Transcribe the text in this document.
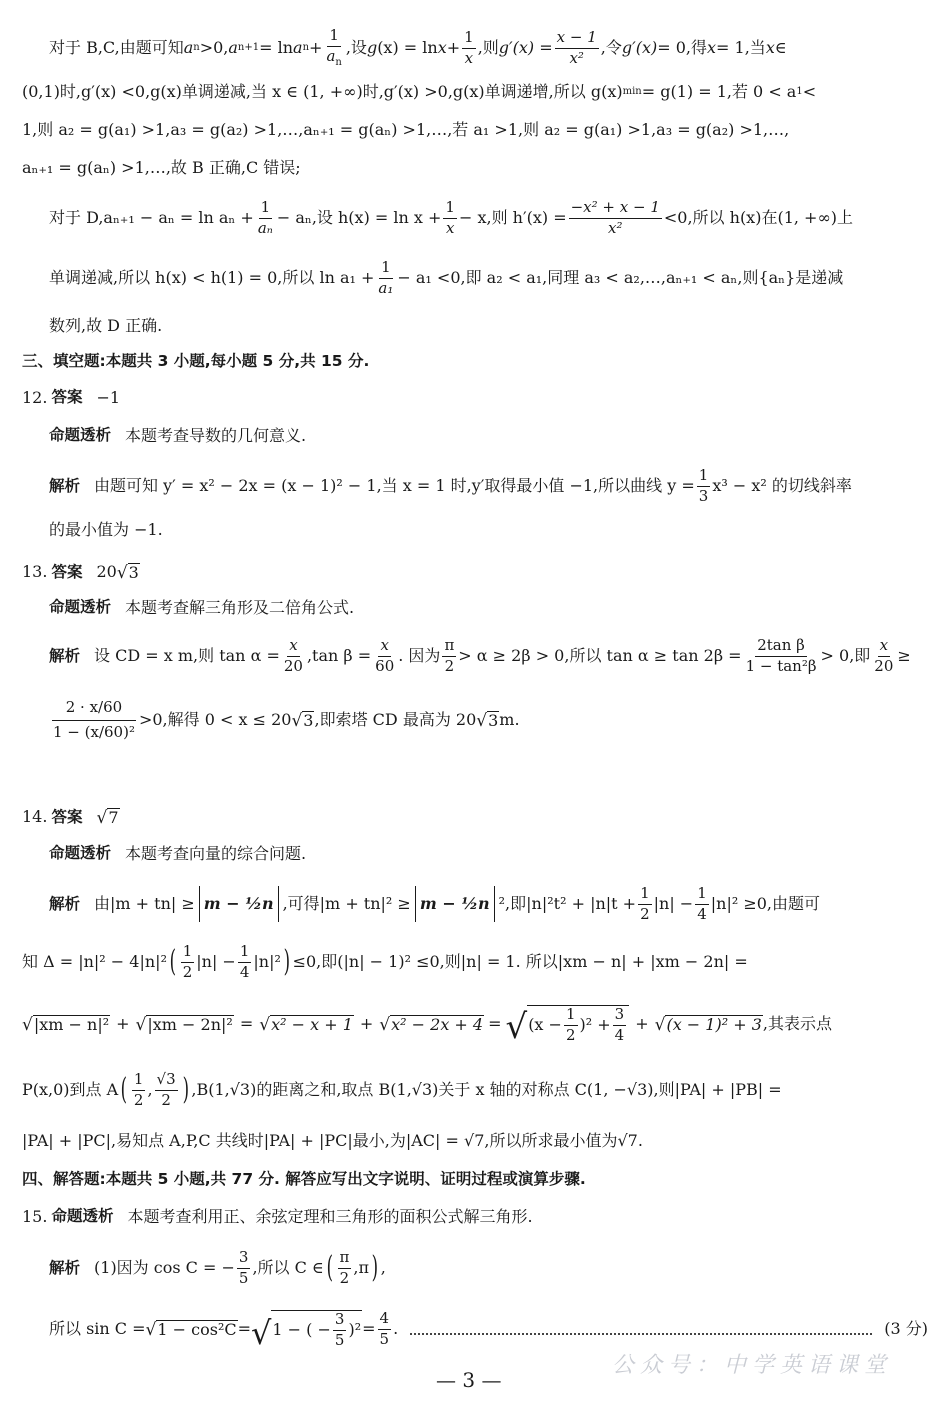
对于 B,C,由题可知 a n >0, a n+1 = ln a $n + \frac{1}{a_n}$ ,设 g $(x) = \ln x + \frac{1}{x}$ ,则 $g'(x) = \frac{x - 1}{\text{x²}}$ ,令 g′(x) = 0,得 x = 1,当 x ∈
(0,1)时,g′(x) <0,g(x)单调递减,当 x ∈ (1, +∞)时,g′(x) >0,g(x)单调递增,所以 g(x) min = g(1) = 1,若 0 < a 1 <
1,则 a₂ = g(a₁) >1,a₃ = g(a₂) >1,…,aₙ₊₁ = g(aₙ) >1,…,若 a₁ >1,则 a₂ = g(a₁) >1,a₃ = g(a₂) >1,…,
aₙ₊₁ = g(aₙ) >1,…,故 B 正确,C 错误;
对于 $D,a_{n+1} - a_n = \ln a_n + \frac{1}{\text{aₙ}} - a_n$,设 $h(x) = \ln x + \frac{1}{x} - x$,则 $h'(x) = \frac{\text{−x² + x − 1}}{\text{x²}} <0$,所以 h(x)在(1, +∞)上
单调递减,所以 h(x) < h(1) = 0,所以 $\ln a_1 + \frac{1}{\text{a₁}} - a_1 <0$,即 a₂ < a₁,同理 a₃ < a₂,…,aₙ₊₁ < aₙ,则{aₙ}是递减
数列,故 D 正确.
三、填空题:本题共 3 小题,每小题 5 分,共 15 分.
12. 答案 −1
命题透析 本题考查导数的几何意义.
解析 由题可知 y′ = x² − 2x = (x − 1)² − 1,当 x = 1 时,y′取得最小值 −1,所以曲线 $y = \frac{1}{3} x^3 - x^2$ 的切线斜率
的最小值为 −1.
13. 答案 20 √ 3
命题透析 本题考查解三角形及二倍角公式.
解析 设 CD = x m,则 $\tan \alpha = \frac{x}{20} ,\tan$ $\beta = \frac{x}{60}$ . 因为 $\frac{\pi}{2} > \alpha \ge 2\beta > 0$,所以 $\tan \alpha \ge \tan 2\beta = \frac{\text{2tan β}}{\text{1 − tan²β}} > 0$,即 $\frac{x}{20}$ ≥
$\frac{2 \cdot x/60}{\text{1 − (x/60)²}} >0$,解得 0 < x ≤ 20 √ 3 ,即索塔 CD 最高为 20 √ 3 m.
14. 答案 √ 7
命题透析 本题考查向量的综合问题.
解析 由|m + tn| ≥ m − ½n ,可得|m + tn|² ≥ m − ½n ²,即$|n|^2t^2 + |n|t + \frac{1}{2} |n| - \frac{1}{4} |n|^2 \ge 0$,由题可
知 Δ = |n|² − 4|n|² ( $\frac{1}{2} |n| - \frac{1}{4} |n|^2$ ) ≤0,即(|n| − 1)² ≤0,则|n| = 1. 所以|xm − n| + |xm − 2n| =
√ |xm − n|² + √ |xm − 2n|² = √ x² − x + 1 + √ x² − 2x + 4 = √ $(x - \frac{1}{2} )^2 + \frac{3}{4}$ + √ (x − 1)² + 3 ,其表示点
P(x,0)到点 A ( $\frac{1}{2}$ , $\frac{√3}{2}$ ) ,B(1,√3)的距离之和,取点 B(1,√3)关于 x 轴的对称点 C(1, −√3),则|PA| + |PB| =
|PA| + |PC|,易知点 A,P,C 共线时|PA| + |PC|最小,为|AC| = √7,所以所求最小值为√7.
四、解答题:本题共 5 小题,共 77 分. 解答应写出文字说明、证明过程或演算步骤.
15. 命题透析 本题考查利用正、余弦定理和三角形的面积公式解三角形.
解析 (1)因为 cos C = − $\frac{3}{5}$ ,所以 C ∈ ( $\frac{\pi}{2} ,\pi$ ) ,
所以 sin C = √ 1 − cos²C = √ 1 − ( − $\frac{3}{5} )^2 = \frac{4}{5}$ .	(3 分)
公众号：中学英语课堂
— 3 —
